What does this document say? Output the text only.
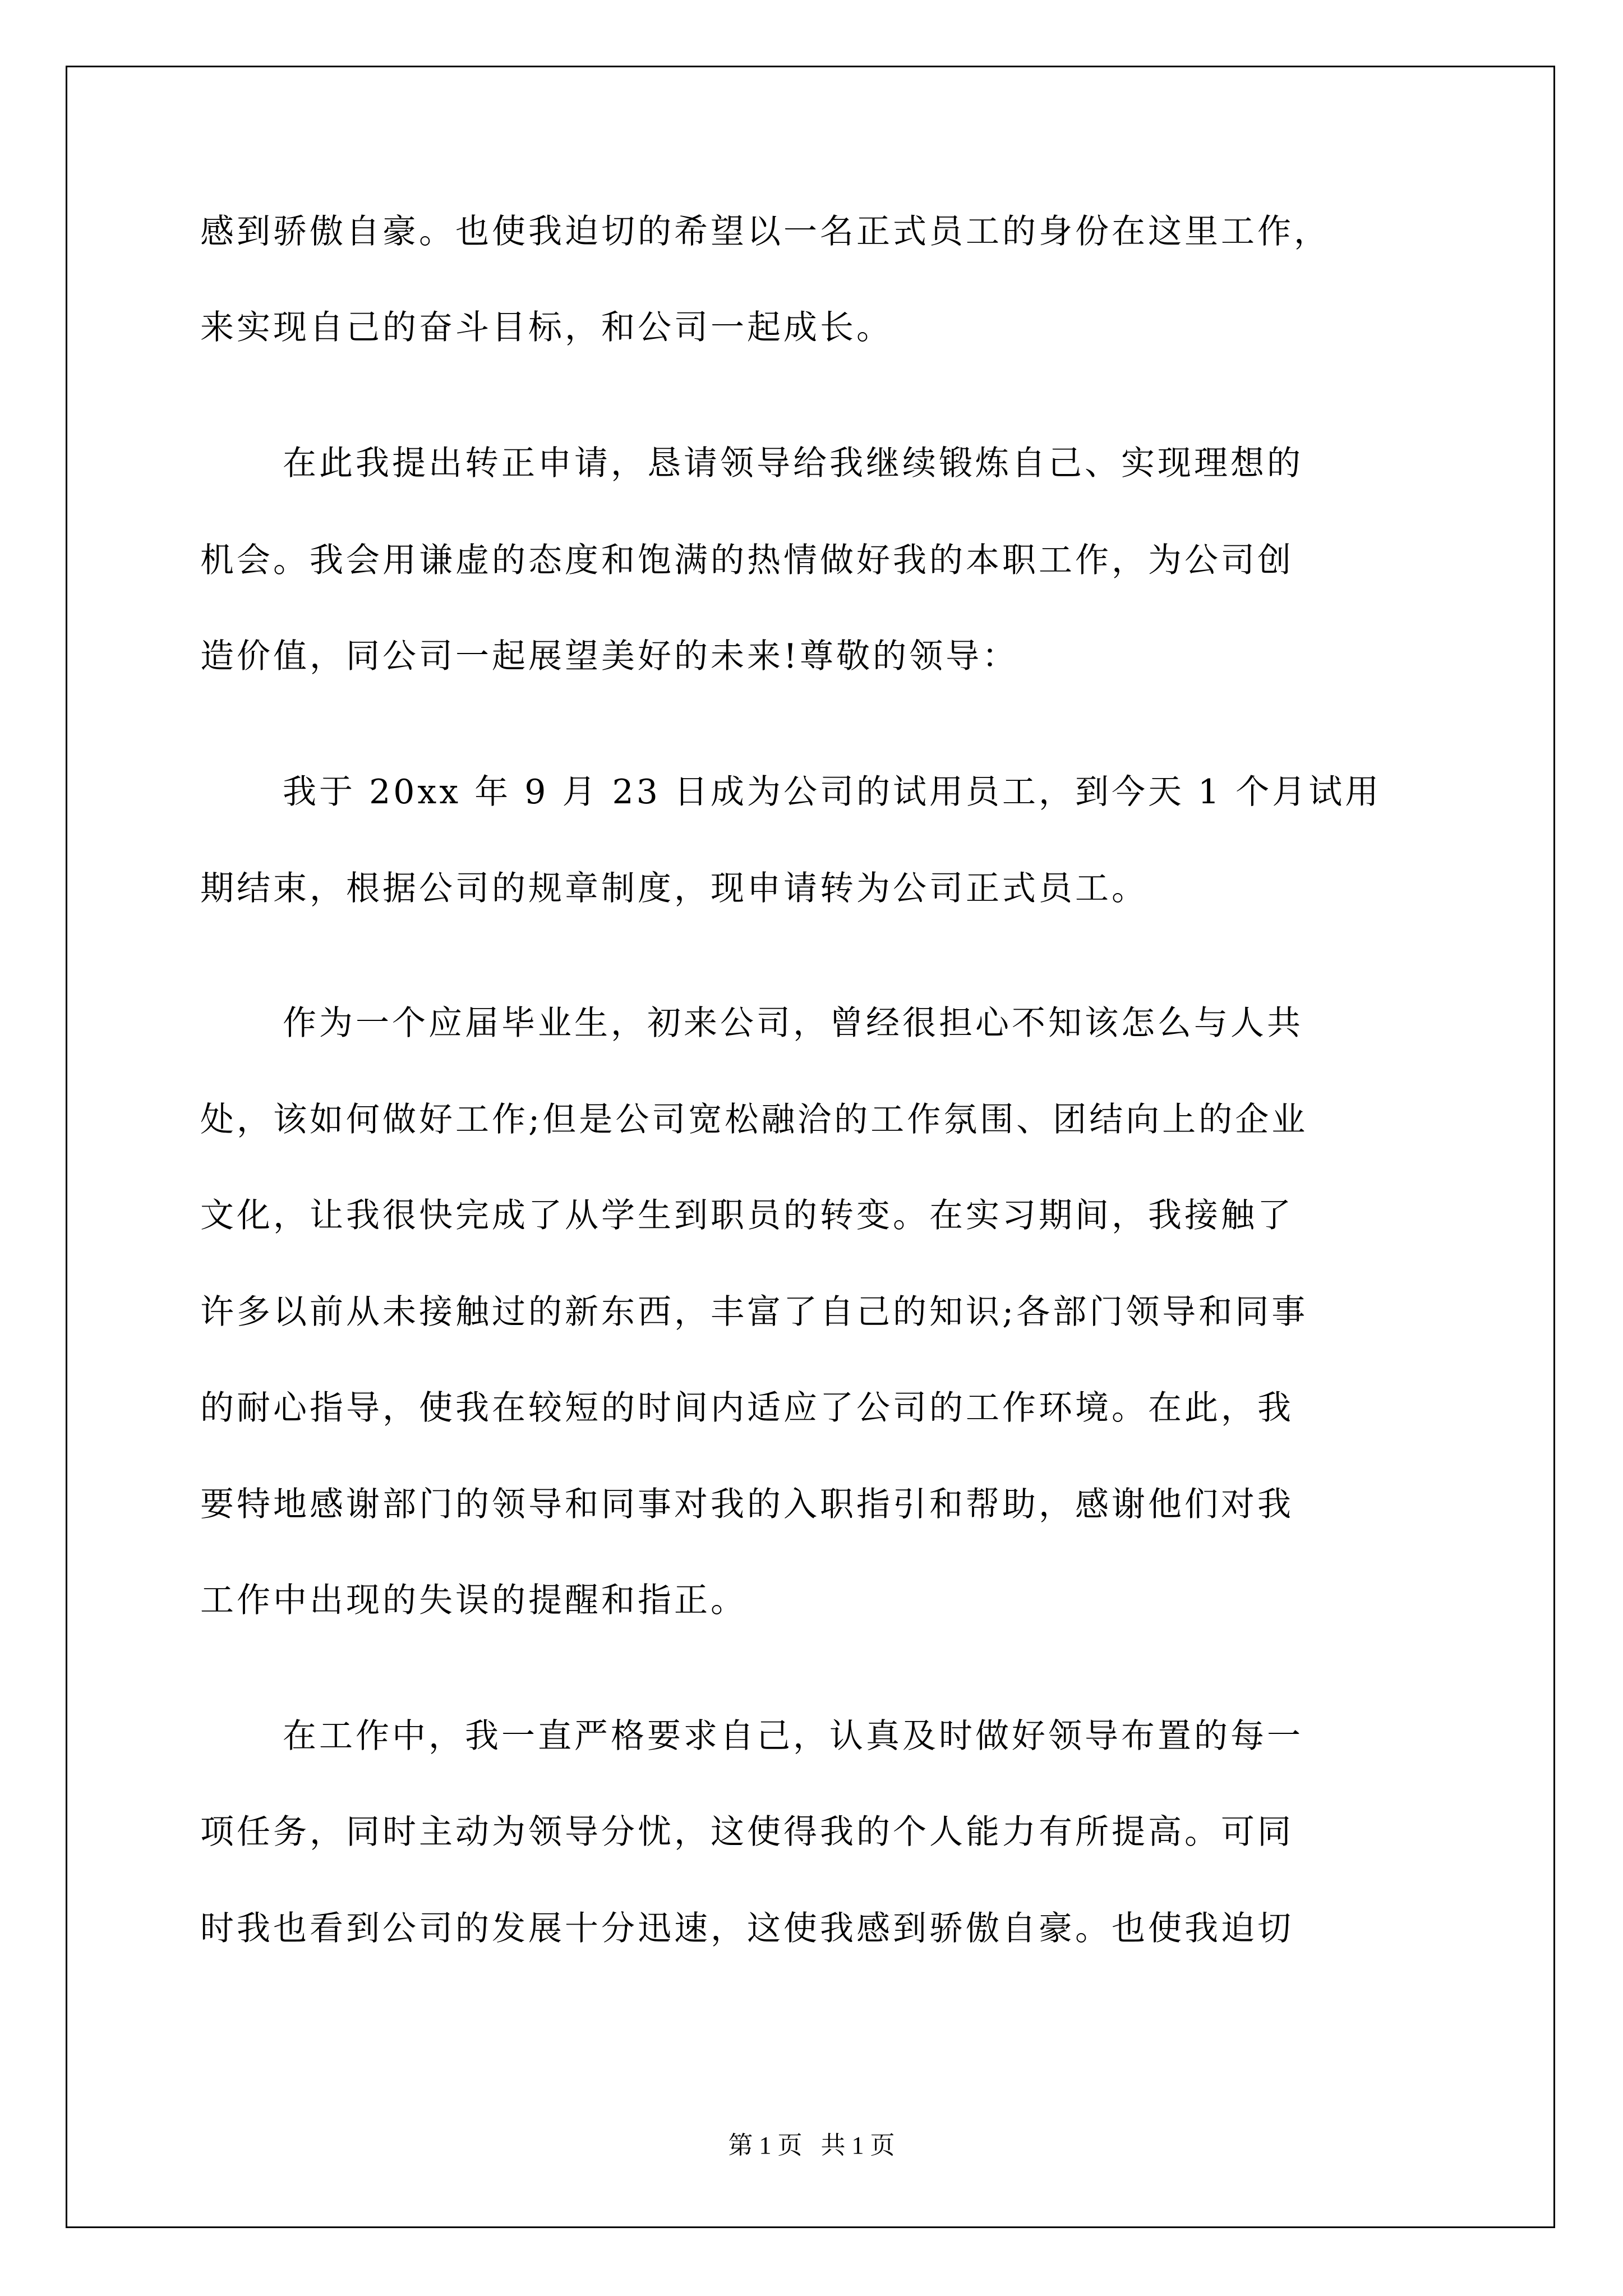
感到骄傲自豪。也使我迫切的希望以一名正式员工的身份在这里工作，
来实现自己的奋斗目标，和公司一起成长。
在此我提出转正申请，恳请领导给我继续锻炼自己、实现理想的
机会。我会用谦虚的态度和饱满的热情做好我的本职工作，为公司创
造价值，同公司一起展望美好的未来!尊敬的领导：
我于 20xx 年 9 月 23 日成为公司的试用员工，到今天 1 个月试用
期结束，根据公司的规章制度，现申请转为公司正式员工。
作为一个应届毕业生，初来公司，曾经很担心不知该怎么与人共
处，该如何做好工作;但是公司宽松融洽的工作氛围、团结向上的企业
文化，让我很快完成了从学生到职员的转变。在实习期间，我接触了
许多以前从未接触过的新东西，丰富了自己的知识;各部门领导和同事
的耐心指导，使我在较短的时间内适应了公司的工作环境。在此，我
要特地感谢部门的领导和同事对我的入职指引和帮助，感谢他们对我
工作中出现的失误的提醒和指正。
在工作中，我一直严格要求自己，认真及时做好领导布置的每一
项任务，同时主动为领导分忧，这使得我的个人能力有所提高。可同
时我也看到公司的发展十分迅速，这使我感到骄傲自豪。也使我迫切
第 1 页   共 1 页
